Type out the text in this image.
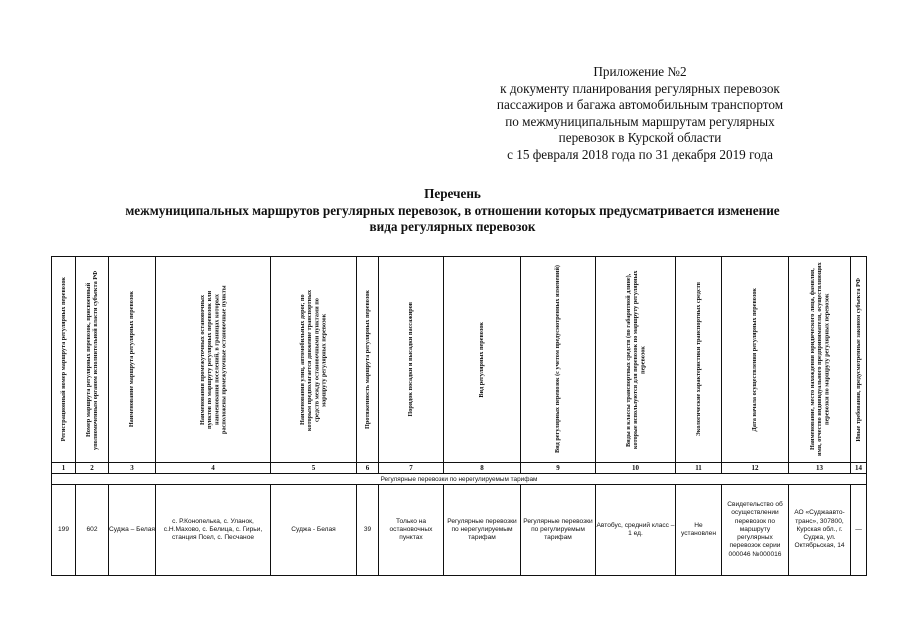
Приложение №2
к документу планирования регулярных перевозок
пассажиров и багажа автомобильным транспортом
по межмуниципальным маршрутам регулярных
перевозок в Курской области
с 15 февраля 2018 года по 31 декабря 2019 года
Перечень
межмуниципальных маршрутов регулярных перевозок, в отношении которых предусматривается изменение
вида регулярных перевозок
Регистрационный номер маршрута регулярных перевозок	Номер маршрута регулярных перевозок, присвоенный уполномоченным органом исполнительной власти субъекта РФ	Наименование маршрута регулярных перевозок	Наименования промежуточных остановочных пунктов по маршруту регулярных перевозок или наименования поселений, в границах которых расположены промежуточные остановочные пункты	Наименования улиц, автомобильных дорог, по которым предполагается движение транспортных средств между остановочными пунктами по маршруту регулярных перевозок	Протяженность маршрута регулярных перевозок	Порядок посадки и высадки пассажиров	Вид регулярных перевозок	Вид регулярных перевозок (с учетом предусмотренных изменений)	Виды и классы транспортных средств (по габаритной длине), которые используются для перевозок по маршруту регулярных перевозок	Экологические характеристики транспортных средств	Дата начала осуществления регулярных перевозок	Наименование, место нахождения юридического лица, фамилия, имя, отчество индивидуального предпринимателя, осуществляющих перевозки по маршруту регулярных перевозок	Иные требования, предусмотренные законом субъекта РФ

1	2	3	4	5	6	7	8	9	10	11	12	13	14
Регулярные перевозки по нерегулируемым тарифам													
199	602	Суджа – Белая	с. Р.Конопелька, с. Уланок, с.Н.Махово, с. Белица, с. Гирьи, станция Псел, с. Песчаное	Суджа - Белая	39	Только на остановочных пунктах	Регулярные перевозки по нерегулируемым тарифам	Регулярные перевозки по регулируемым тарифам	Автобус, средний класс – 1 ед.	Не установлен	Свидетельство об осуществлении перевозок по маршруту регулярных перевозок серии 000046 №000016	АО «Суджаавто-транс», 307800, Курская обл., г. Суджа, ул. Октябрьская, 14	—
